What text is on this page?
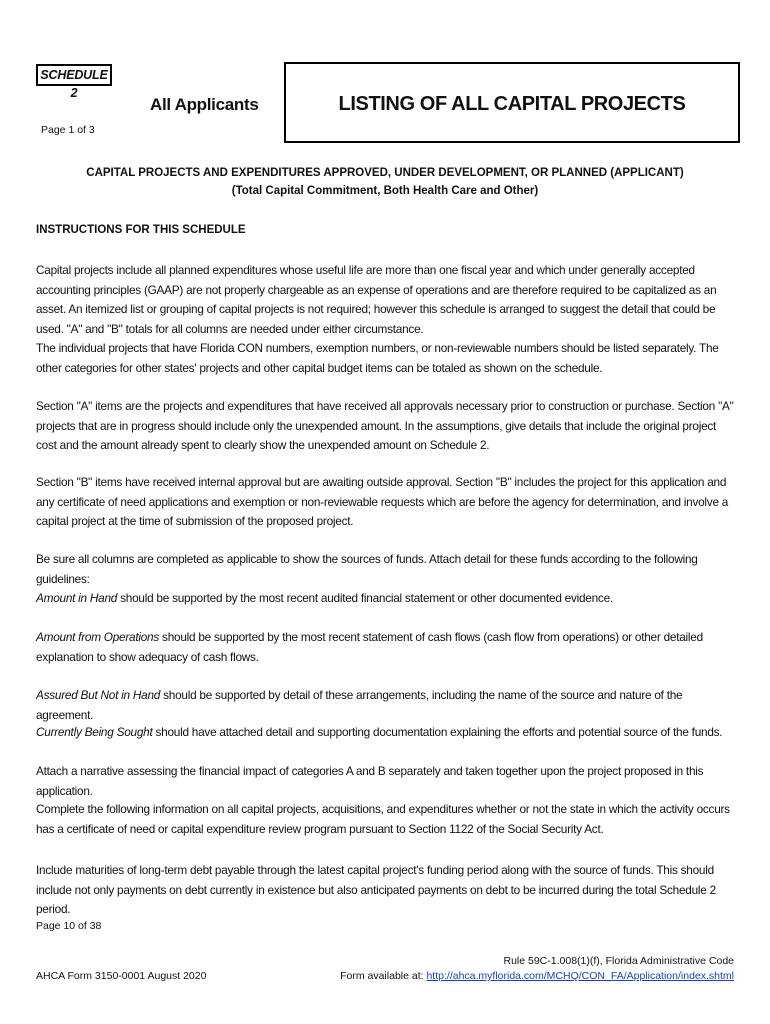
SCHEDULE 2
All Applicants
Page 1 of 3
LISTING OF ALL CAPITAL PROJECTS
CAPITAL PROJECTS AND EXPENDITURES APPROVED, UNDER DEVELOPMENT, OR PLANNED (APPLICANT)
(Total Capital Commitment, Both Health Care and Other)
INSTRUCTIONS FOR THIS SCHEDULE
Capital projects include all planned expenditures whose useful life are more than one fiscal year and which under generally accepted accounting principles (GAAP) are not properly chargeable as an expense of operations and are therefore required to be capitalized as an asset. An itemized list or grouping of capital projects is not required; however this schedule is arranged to suggest the detail that could be used. "A" and "B" totals for all columns are needed under either circumstance.
The individual projects that have Florida CON numbers, exemption numbers, or non-reviewable numbers should be listed separately. The other categories for other states' projects and other capital budget items can be totaled as shown on the schedule.
Section "A" items are the projects and expenditures that have received all approvals necessary prior to construction or purchase. Section "A" projects that are in progress should include only the unexpended amount. In the assumptions, give details that include the original project cost and the amount already spent to clearly show the unexpended amount on Schedule 2.
Section "B" items have received internal approval but are awaiting outside approval. Section "B" includes the project for this application and any certificate of need applications and exemption or non-reviewable requests which are before the agency for determination, and involve a capital project at the time of submission of the proposed project.
Be sure all columns are completed as applicable to show the sources of funds. Attach detail for these funds according to the following guidelines:
Amount in Hand should be supported by the most recent audited financial statement or other documented evidence.
Amount from Operations should be supported by the most recent statement of cash flows (cash flow from operations) or other detailed explanation to show adequacy of cash flows.
Assured But Not in Hand should be supported by detail of these arrangements, including the name of the source and nature of the agreement.
Currently Being Sought should have attached detail and supporting documentation explaining the efforts and potential source of the funds.
Attach a narrative assessing the financial impact of categories A and B separately and taken together upon the project proposed in this application.
Complete the following information on all capital projects, acquisitions, and expenditures whether or not the state in which the activity occurs has a certificate of need or capital expenditure review program pursuant to Section 1122 of the Social Security Act.
Include maturities of long-term debt payable through the latest capital project's funding period along with the source of funds. This should include not only payments on debt currently in existence but also anticipated payments on debt to be incurred during the total Schedule 2 period.
Page 10 of 38
AHCA Form 3150-0001 August 2020
Rule 59C-1.008(1)(f), Florida Administrative Code
Form available at: http://ahca.myflorida.com/MCHQ/CON_FA/Application/index.shtml
